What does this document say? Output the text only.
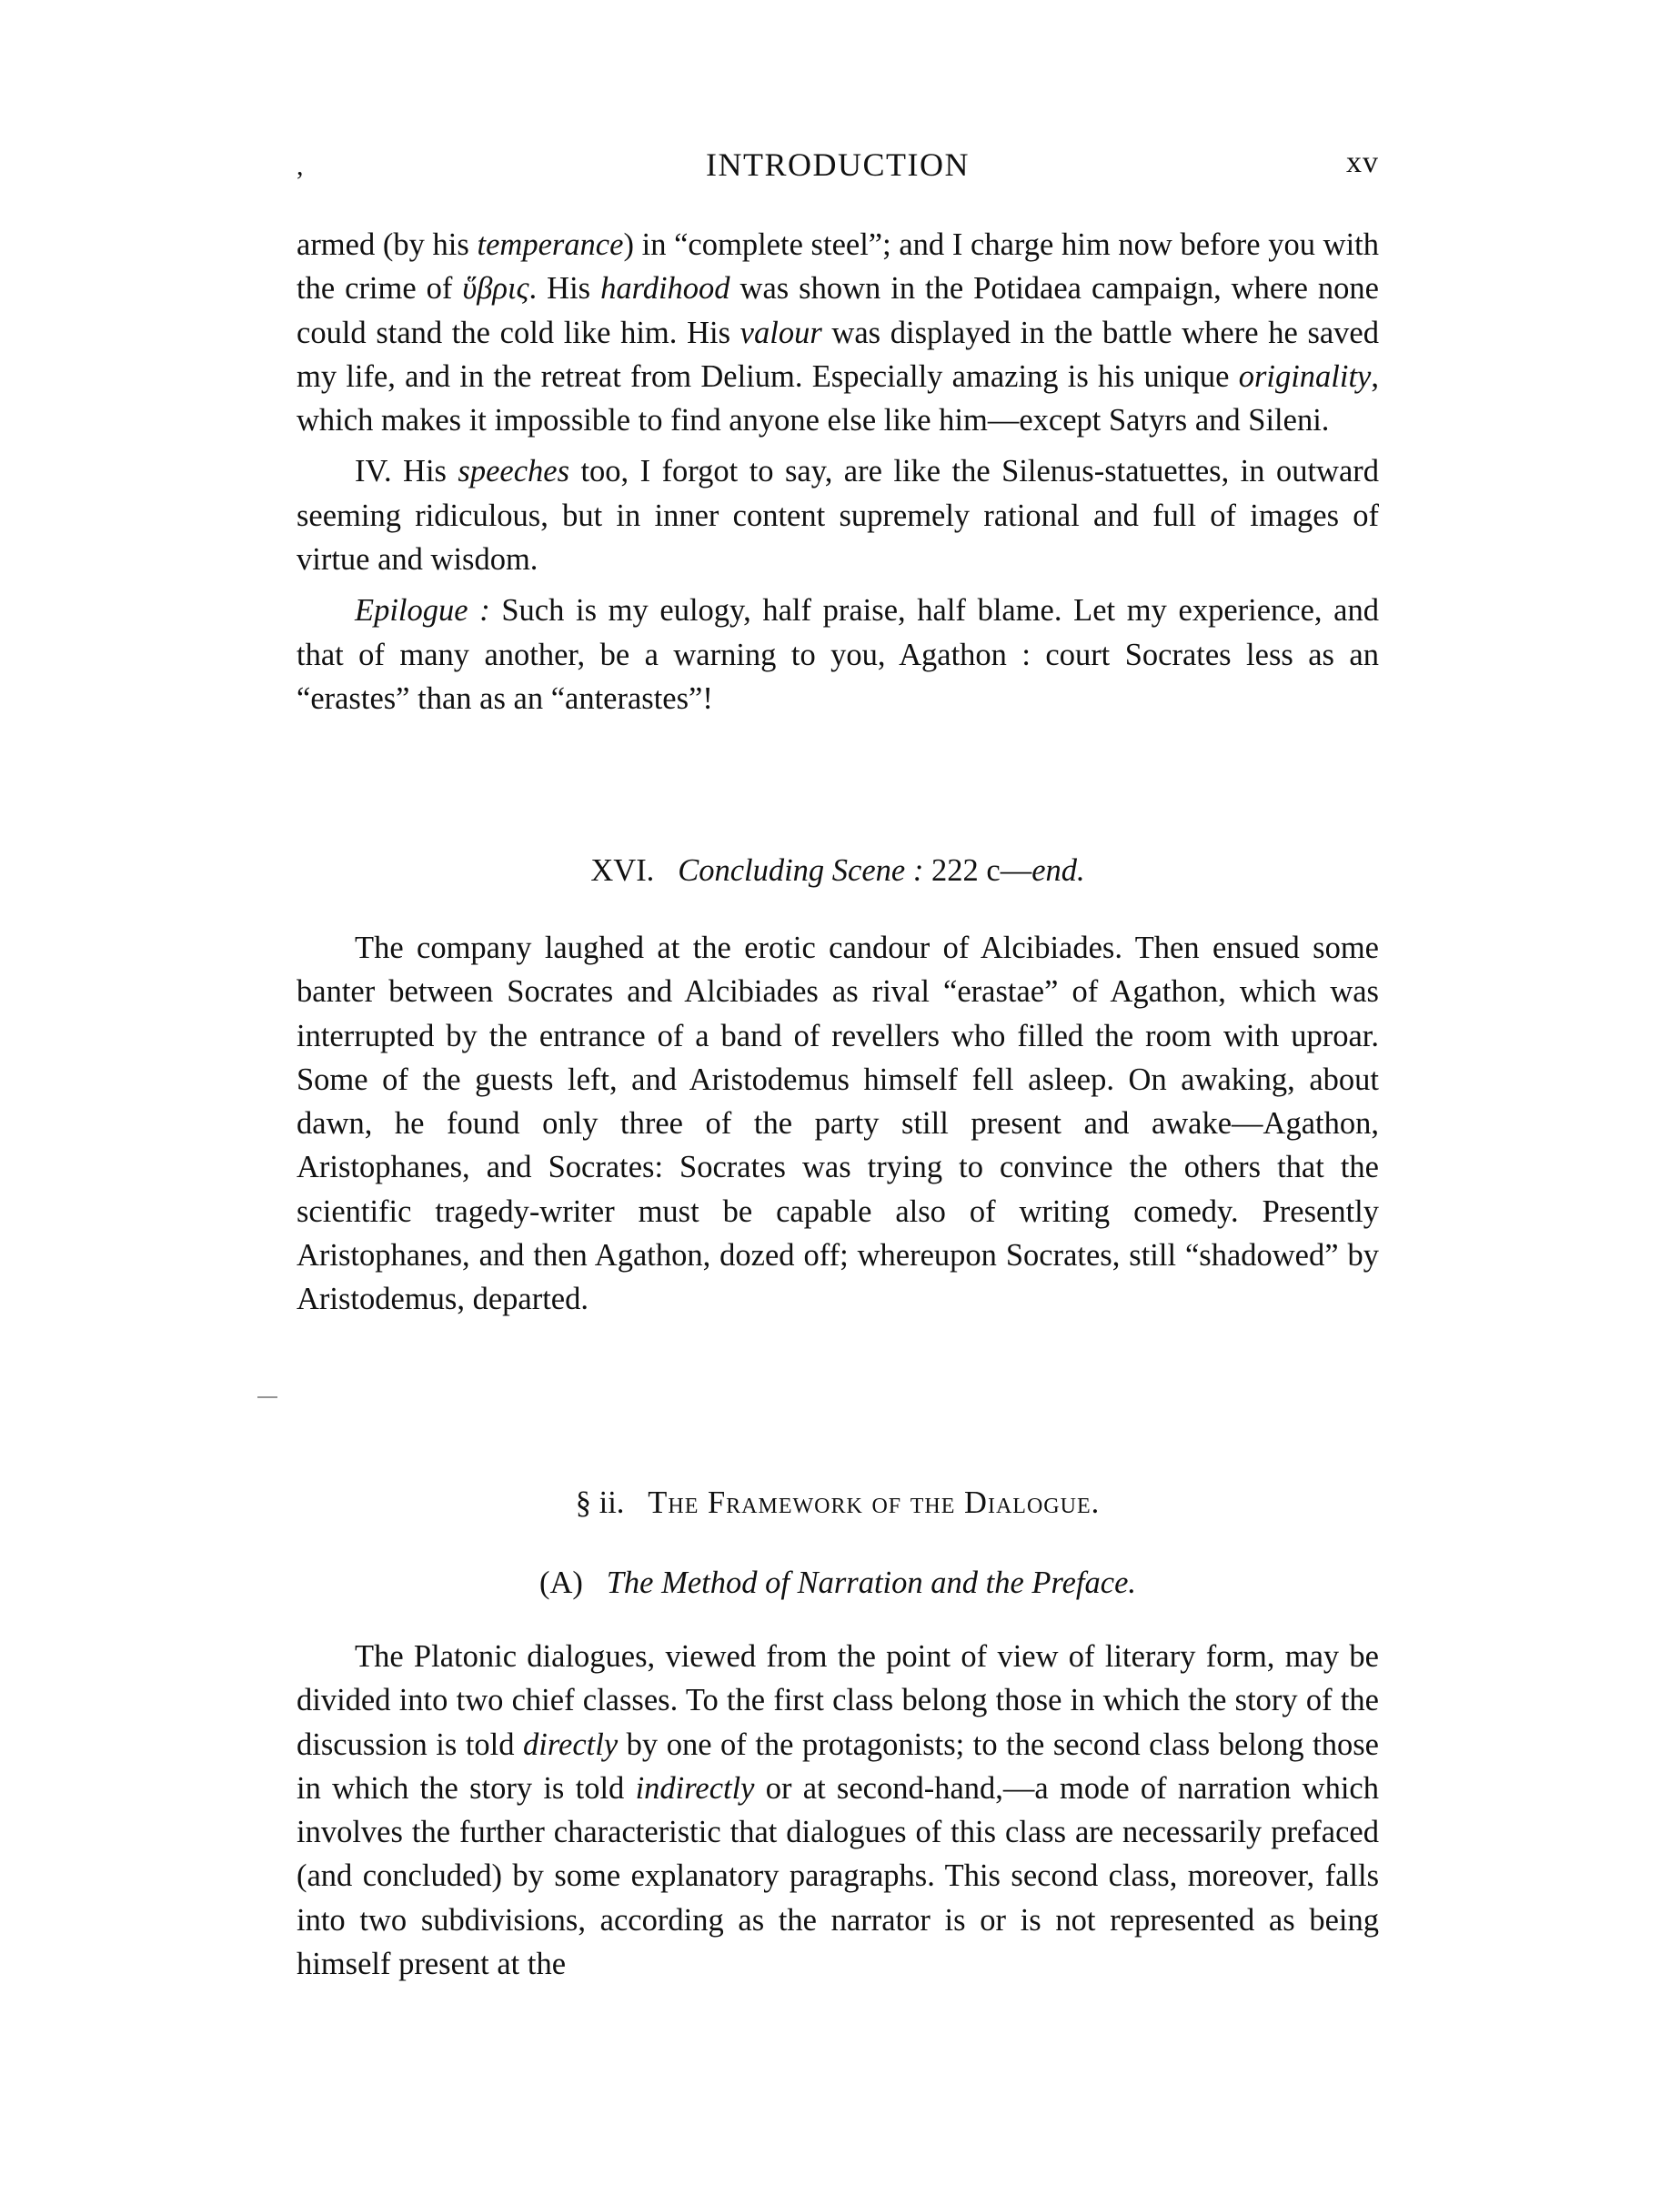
,	INTRODUCTION	xv

armed (by his temperance) in “complete steel”; and I charge him now before you with the crime of ὕβρις. His hardihood was shown in the Potidaea campaign, where none could stand the cold like him. His valour was displayed in the battle where he saved my life, and in the retreat from Delium. Especially amazing is his unique originality, which makes it impossible to find anyone else like him—except Satyrs and Sileni.

IV. His speeches too, I forgot to say, are like the Silenus-statuettes, in outward seeming ridiculous, but in inner content supremely rational and full of images of virtue and wisdom.

Epilogue : Such is my eulogy, half praise, half blame. Let my experience, and that of many another, be a warning to you, Agathon : court Socrates less as an “erastes” than as an “anterastes”!

XVI. Concluding Scene : 222 c—end.

The company laughed at the erotic candour of Alcibiades. Then ensued some banter between Socrates and Alcibiades as rival “erastae” of Agathon, which was interrupted by the entrance of a band of revellers who filled the room with uproar. Some of the guests left, and Aristodemus himself fell asleep. On awaking, about dawn, he found only three of the party still present and awake—Agathon, Aristophanes, and Socrates: Socrates was trying to convince the others that the scientific tragedy-writer must be capable also of writing comedy. Presently Aristophanes, and then Agathon, dozed off; whereupon Socrates, still “shadowed” by Aristodemus, departed.

§ ii. The Framework of the Dialogue.
(A) The Method of Narration and the Preface.

The Platonic dialogues, viewed from the point of view of literary form, may be divided into two chief classes. To the first class belong those in which the story of the discussion is told directly by one of the protagonists; to the second class belong those in which the story is told indirectly or at second-hand,—a mode of narration which involves the further characteristic that dialogues of this class are necessarily prefaced (and concluded) by some explanatory paragraphs. This second class, moreover, falls into two subdivisions, according as the narrator is or is not represented as being himself present at the
